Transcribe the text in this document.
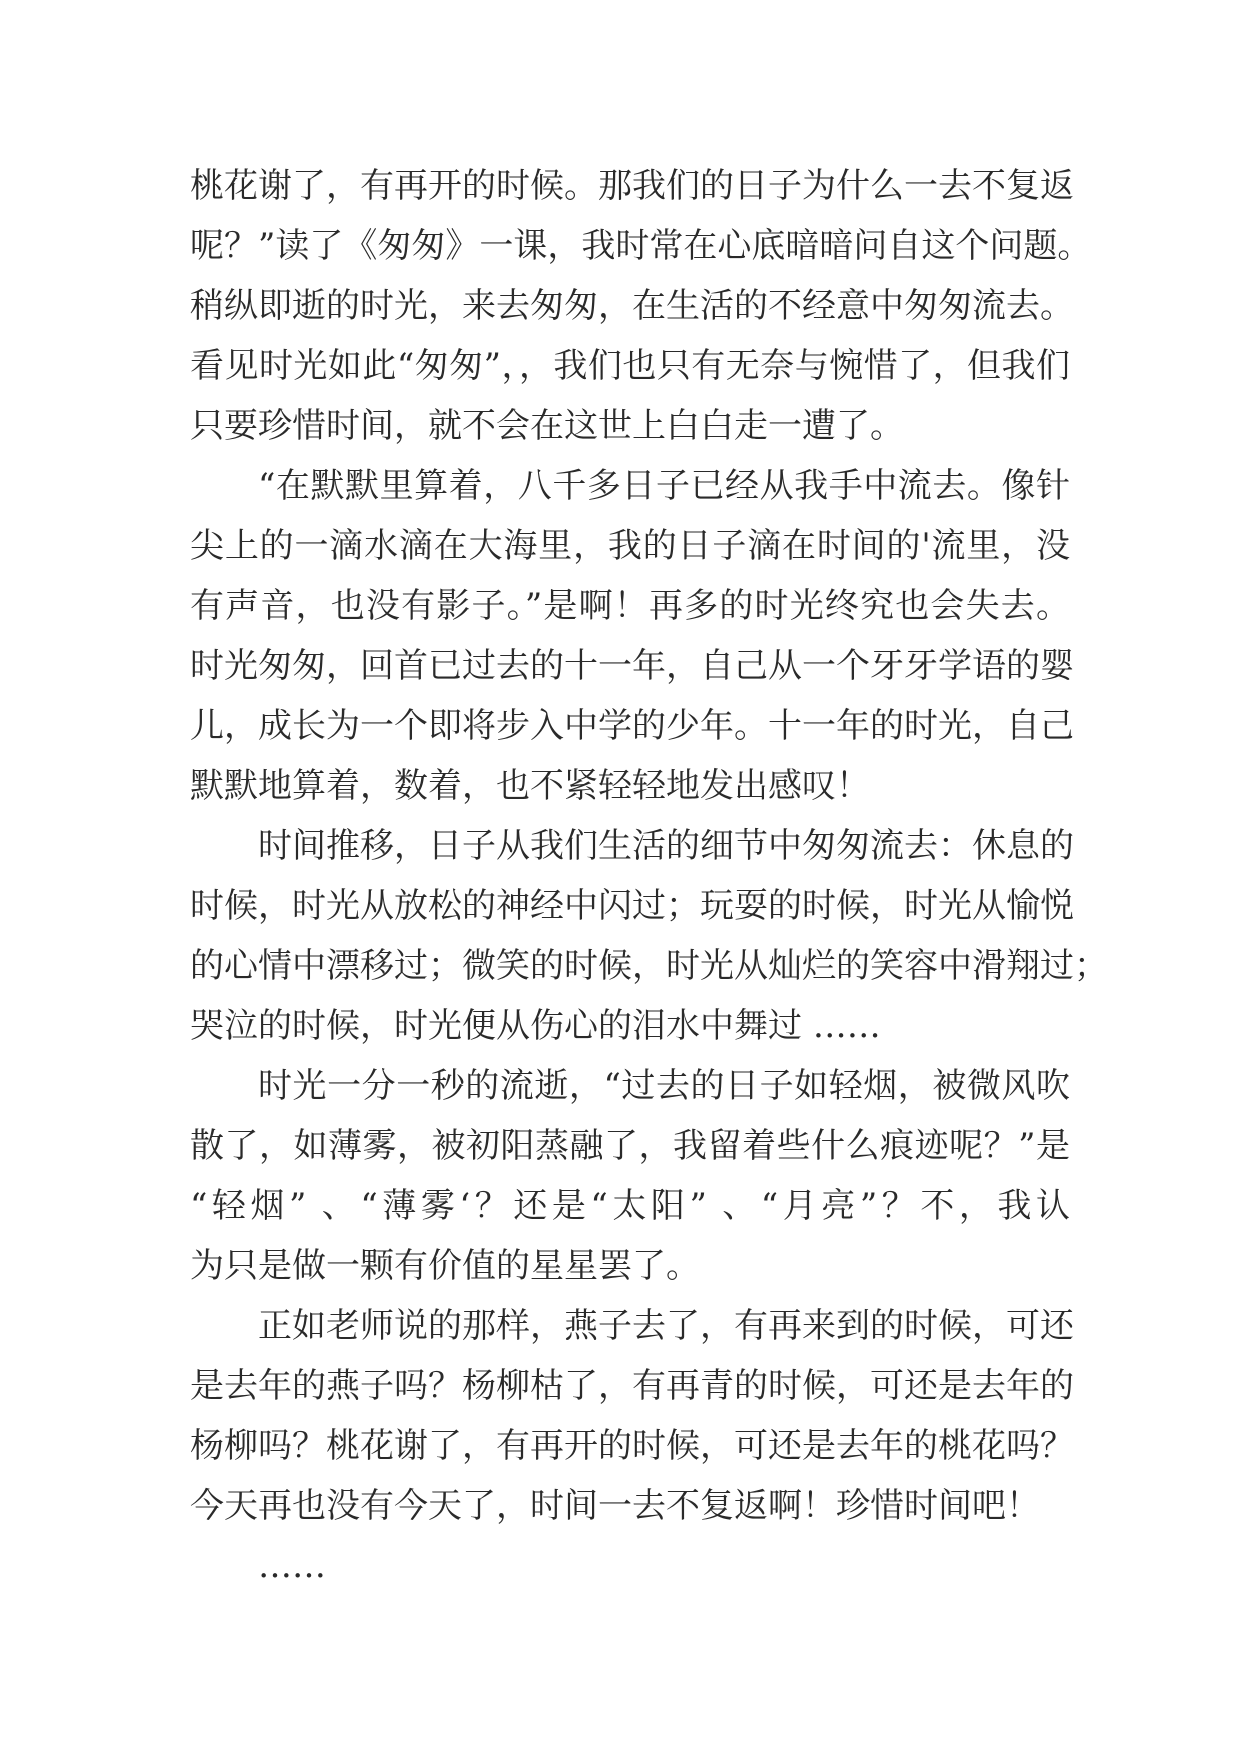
桃花谢了，有再开的时候。那我们的日子为什么一去不复返
呢？”读了《匆匆》一课，我时常在心底暗暗问自这个问题。
稍纵即逝的时光，来去匆匆，在生活的不经意中匆匆流去。
看见时光如此“匆匆”，，我们也只有无奈与惋惜了，但我们
只要珍惜时间，就不会在这世上白白走一遭了。
“在默默里算着，八千多日子已经从我手中流去。像针
尖上的一滴水滴在大海里，我的日子滴在时间的'流里，没
有声音，也没有影子。”是啊！再多的时光终究也会失去。
时光匆匆，回首已过去的十一年，自己从一个牙牙学语的婴
儿，成长为一个即将步入中学的少年。十一年的时光，自己
默默地算着，数着，也不紧轻轻地发出感叹！
时间推移，日子从我们生活的细节中匆匆流去：休息的
时候，时光从放松的神经中闪过；玩耍的时候，时光从愉悦
的心情中漂移过；微笑的时候，时光从灿烂的笑容中滑翔过；
哭泣的时候，时光便从伤心的泪水中舞过 ……
时光一分一秒的流逝，“过去的日子如轻烟，被微风吹
散了，如薄雾，被初阳蒸融了，我留着些什么痕迹呢？”是
“轻烟” 、“薄雾‘？还是“太阳” 、“月亮”？不，我认
为只是做一颗有价值的星星罢了。
正如老师说的那样，燕子去了，有再来到的时候，可还
是去年的燕子吗？杨柳枯了，有再青的时候，可还是去年的
杨柳吗？桃花谢了，有再开的时候，可还是去年的桃花吗？
今天再也没有今天了，时间一去不复返啊！珍惜时间吧！
……
